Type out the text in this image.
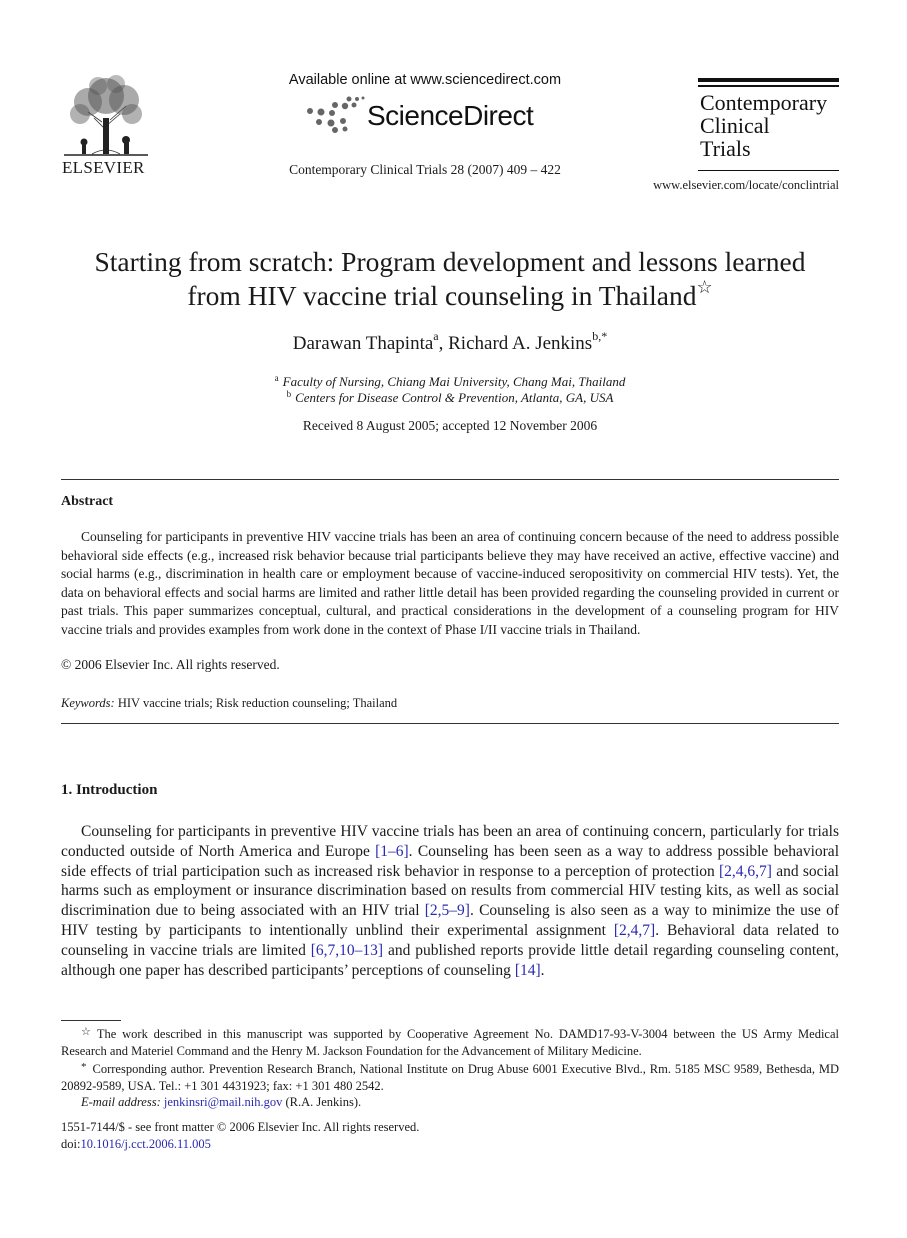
ELSEVIER
Available online at www.sciencedirect.com
ScienceDirect
Contemporary Clinical Trials 28 (2007) 409 – 422
Contemporary
Clinical
Trials
www.elsevier.com/locate/conclintrial
Starting from scratch: Program development and lessons learned
from HIV vaccine trial counseling in Thailand☆
Darawan Thapinta$^a$, Richard A. Jenkins$^{b,*}$
$^a$ Faculty of Nursing, Chiang Mai University, Chang Mai, Thailand
$^b$ Centers for Disease Control & Prevention, Atlanta, GA, USA
Received 8 August 2005; accepted 12 November 2006
Abstract
Counseling for participants in preventive HIV vaccine trials has been an area of continuing concern because of the need to address possible behavioral side effects (e.g., increased risk behavior because trial participants believe they may have received an active, effective vaccine) and social harms (e.g., discrimination in health care or employment because of vaccine-induced seropositivity on commercial HIV tests). Yet, the data on behavioral effects and social harms are limited and rather little detail has been provided regarding the counseling provided in current or past trials. This paper summarizes conceptual, cultural, and practical considerations in the development of a counseling program for HIV vaccine trials and provides examples from work done in the context of Phase I/II vaccine trials in Thailand.
© 2006 Elsevier Inc. All rights reserved.
Keywords: HIV vaccine trials; Risk reduction counseling; Thailand
1. Introduction
Counseling for participants in preventive HIV vaccine trials has been an area of continuing concern, particularly for trials conducted outside of North America and Europe [1–6]. Counseling has been seen as a way to address possible behavioral side effects of trial participation such as increased risk behavior in response to a perception of protection [2,4,6,7] and social harms such as employment or insurance discrimination based on results from commercial HIV testing kits, as well as social discrimination due to being associated with an HIV trial [2,5–9]. Counseling is also seen as a way to minimize the use of HIV testing by participants to intentionally unblind their experimental assignment [2,4,7]. Behavioral data related to counseling in vaccine trials are limited [6,7,10–13] and published reports provide little detail regarding counseling content, although one paper has described participants’ perceptions of counseling [14].
☆ The work described in this manuscript was supported by Cooperative Agreement No. DAMD17-93-V-3004 between the US Army Medical Research and Materiel Command and the Henry M. Jackson Foundation for the Advancement of Military Medicine.
* Corresponding author. Prevention Research Branch, National Institute on Drug Abuse 6001 Executive Blvd., Rm. 5185 MSC 9589, Bethesda, MD 20892-9589, USA. Tel.: +1 301 4431923; fax: +1 301 480 2542.
E-mail address: jenkinsri@mail.nih.gov (R.A. Jenkins).
1551-7144/$ - see front matter © 2006 Elsevier Inc. All rights reserved.
doi:10.1016/j.cct.2006.11.005
